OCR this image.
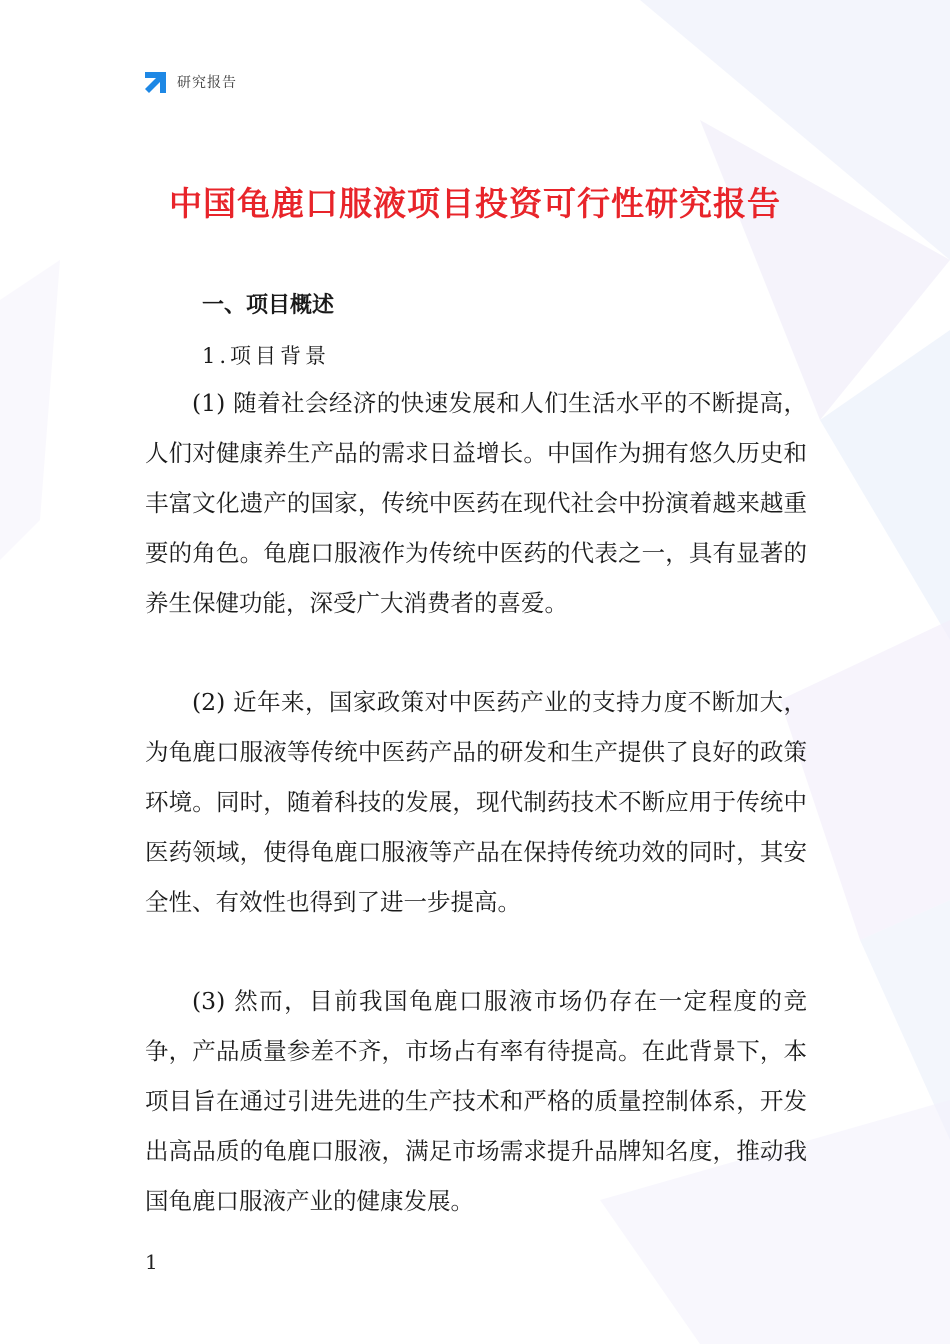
研究报告
中国龟鹿口服液项目投资可行性研究报告
一、项目概述
1.项目背景

(1) 随着社会经济的快速发展和人们生活水平的不断提高，人们对健康养生产品的需求日益增长。中国作为拥有悠久历史和丰富文化遗产的国家，传统中医药在现代社会中扮演着越来越重要的角色。龟鹿口服液作为传统中医药的代表之一，具有显著的养生保健功能，深受广大消费者的喜爱。

(2) 近年来，国家政策对中医药产业的支持力度不断加大，为龟鹿口服液等传统中医药产品的研发和生产提供了良好的政策环境。同时，随着科技的发展，现代制药技术不断应用于传统中医药领域，使得龟鹿口服液等产品在保持传统功效的同时，其安全性、有效性也得到了进一步提高。

(3) 然而，目前我国龟鹿口服液市场仍存在一定程度的竞争，产品质量参差不齐，市场占有率有待提高。在此背景下，本项目旨在通过引进先进的生产技术和严格的质量控制体系，开发出高品质的龟鹿口服液，满足市场需求提升品牌知名度，推动我国龟鹿口服液产业的健康发展。

1
